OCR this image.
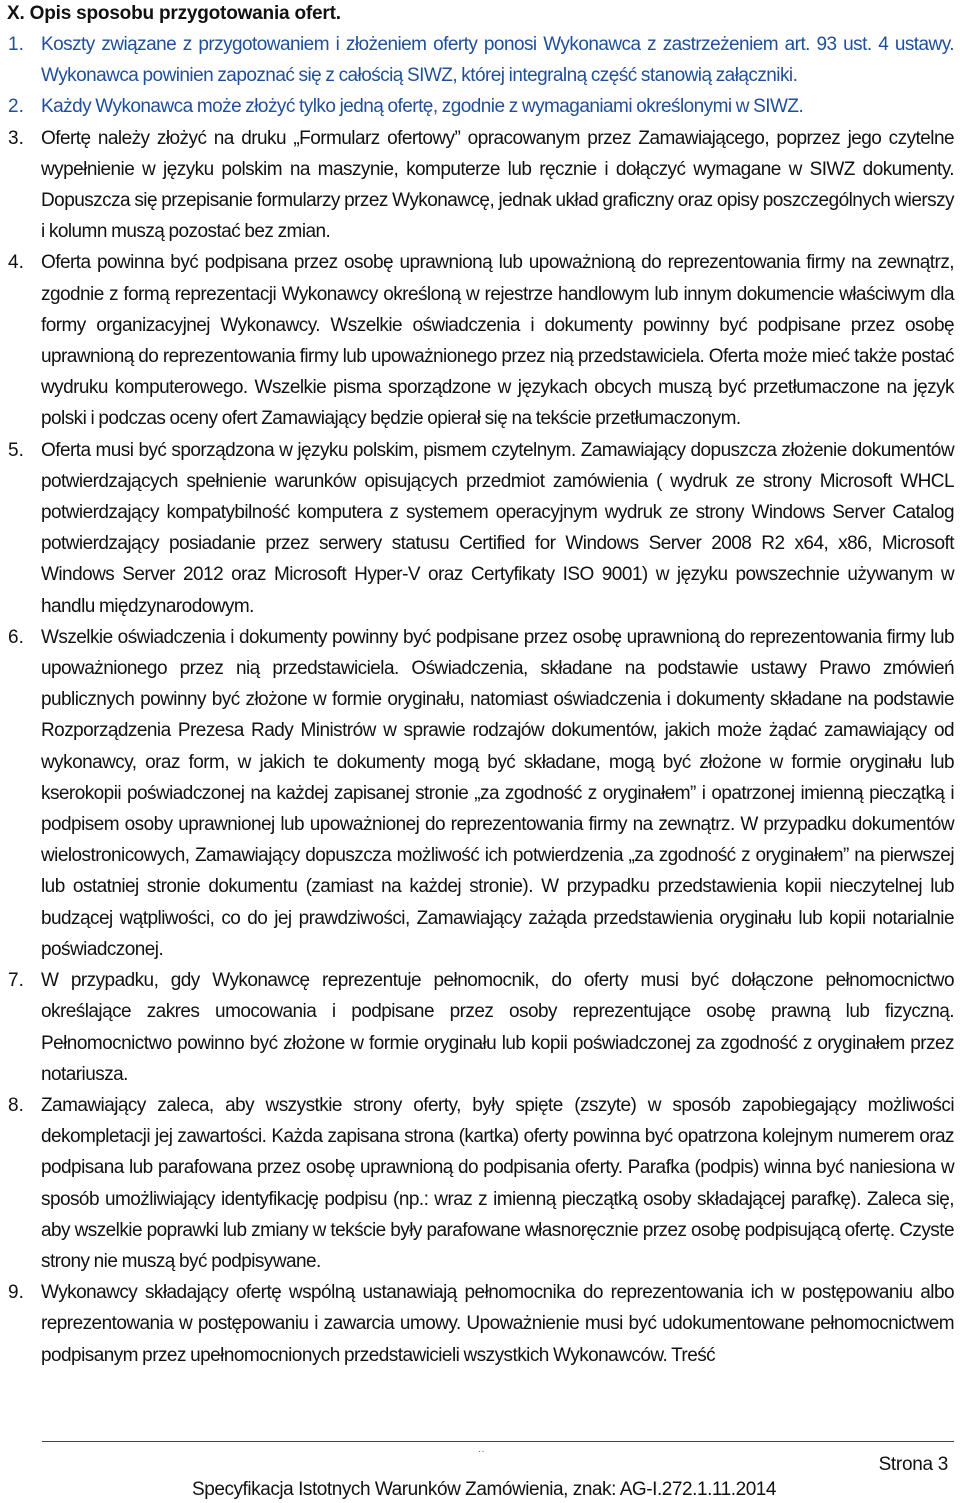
X. Opis sposobu przygotowania ofert.
1. Koszty związane z przygotowaniem i złożeniem oferty ponosi Wykonawca z zastrzeżeniem art. 93 ust. 4 ustawy. Wykonawca powinien zapoznać się z całością SIWZ, której integralną część stanowią załączniki.
2. Każdy Wykonawca może złożyć tylko jedną ofertę, zgodnie z wymaganiami określonymi w SIWZ.
3. Ofertę należy złożyć na druku „Formularz ofertowy” opracowanym przez Zamawiającego, poprzez jego czytelne wypełnienie w języku polskim na maszynie, komputerze lub ręcznie i dołączyć wymagane w SIWZ dokumenty. Dopuszcza się przepisanie formularzy przez Wykonawcę, jednak układ graficzny oraz opisy poszczególnych wierszy i kolumn muszą pozostać bez zmian.
4. Oferta powinna być podpisana przez osobę uprawnioną lub upoważnioną do reprezentowania firmy na zewnątrz, zgodnie z formą reprezentacji Wykonawcy określoną w rejestrze handlowym lub innym dokumencie właściwym dla formy organizacyjnej Wykonawcy. Wszelkie oświadczenia i dokumenty powinny być podpisane przez osobę uprawnioną do reprezentowania firmy lub upoważnionego przez nią przedstawiciela. Oferta może mieć także postać wydruku komputerowego. Wszelkie pisma sporządzone w językach obcych muszą być przetłumaczone na język polski i podczas oceny ofert Zamawiający będzie opierał się na tekście przetłumaczonym.
5. Oferta musi być sporządzona w języku polskim, pismem czytelnym. Zamawiający dopuszcza złożenie dokumentów potwierdzających spełnienie warunków opisujących przedmiot zamówienia ( wydruk ze strony Microsoft WHCL potwierdzający kompatybilność komputera z systemem operacyjnym wydruk ze strony Windows Server Catalog potwierdzający posiadanie przez serwery statusu Certified for Windows Server 2008 R2 x64, x86, Microsoft Windows Server 2012 oraz Microsoft Hyper-V oraz Certyfikaty ISO 9001) w języku powszechnie używanym w handlu międzynarodowym.
6. Wszelkie oświadczenia i dokumenty powinny być podpisane przez osobę uprawnioną do reprezentowania firmy lub upoważnionego przez nią przedstawiciela. Oświadczenia, składane na podstawie ustawy Prawo zmówień publicznych powinny być złożone w formie oryginału, natomiast oświadczenia i dokumenty składane na podstawie Rozporządzenia Prezesa Rady Ministrów w sprawie rodzajów dokumentów, jakich może żądać zamawiający od wykonawcy, oraz form, w jakich te dokumenty mogą być składane, mogą być złożone w formie oryginału lub kserokopii poświadczonej na każdej zapisanej stronie „za zgodność z oryginałem” i opatrzonej imienną pieczątką i podpisem osoby uprawnionej lub upoważnionej do reprezentowania firmy na zewnątrz. W przypadku dokumentów wielostronicowych, Zamawiający dopuszcza możliwość ich potwierdzenia „za zgodność z oryginałem” na pierwszej lub ostatniej stronie dokumentu (zamiast na każdej stronie). W przypadku przedstawienia kopii nieczytelnej lub budzącej wątpliwości, co do jej prawdziwości, Zamawiający zażąda przedstawienia oryginału lub kopii notarialnie poświadczonej.
7. W przypadku, gdy Wykonawcę reprezentuje pełnomocnik, do oferty musi być dołączone pełnomocnictwo określające zakres umocowania i podpisane przez osoby reprezentujące osobę prawną lub fizyczną. Pełnomocnictwo powinno być złożone w formie oryginału lub kopii poświadczonej za zgodność z oryginałem przez notariusza.
8. Zamawiający zaleca, aby wszystkie strony oferty, były spięte (zszyte) w sposób zapobiegający możliwości dekompletacji jej zawartości. Każda zapisana strona (kartka) oferty powinna być opatrzona kolejnym numerem oraz podpisana lub parafowana przez osobę uprawnioną do podpisania oferty. Parafka (podpis) winna być naniesiona w sposób umożliwiający identyfikację podpisu (np.: wraz z imienną pieczątką osoby składającej parafkę). Zaleca się, aby wszelkie poprawki lub zmiany w tekście były parafowane własnoręcznie przez osobę podpisującą ofertę. Czyste strony nie muszą być podpisywane.
9. Wykonawcy składający ofertę wspólną ustanawiają pełnomocnika do reprezentowania ich w postępowaniu albo reprezentowania w postępowaniu i zawarcia umowy. Upoważnienie musi być udokumentowane pełnomocnictwem podpisanym przez upełnomocnionych przedstawicieli wszystkich Wykonawców. Treść
··
Strona 3
Specyfikacja Istotnych Warunków Zamówienia, znak: AG-I.272.1.11.2014
